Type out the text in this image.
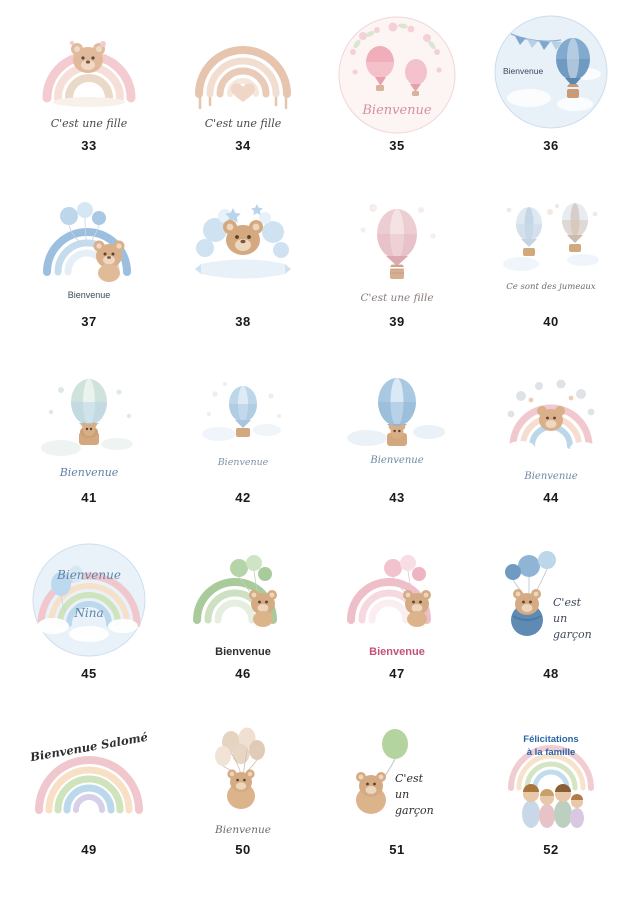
C'est une fille
33
C'est une fille
34
Bienvenue
35
Bienvenue
36
Bienvenue
37	38
C'est une fille
39
Ce sont des jumeaux

40
Bienvenue
41
Bienvenue
42
Bienvenue
43
Bienvenue
44
Bienvenue
Nina
45
Bienvenue
46
Bienvenue
47
C'est
un
garçon
48
Bienvenue Salomé
49
Bienvenue
50
C'est
un
garçon
51
Félicitations
à la famille
52
